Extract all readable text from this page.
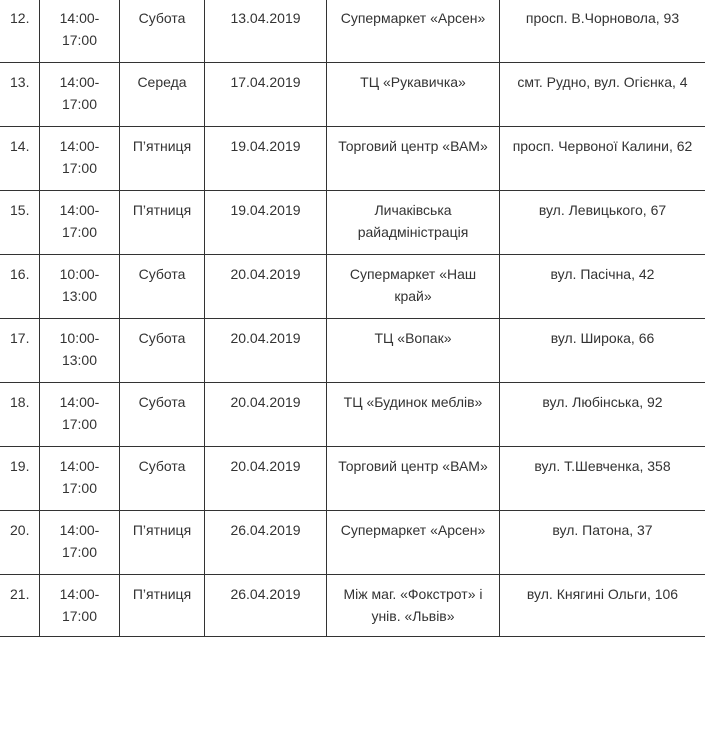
12.	14:00-17:00	Субота	13.04.2019	Супермаркет «Арсен»	просп. В.Чорновола, 93
13.	14:00-17:00	Середа	17.04.2019	ТЦ «Рукавичка»	смт. Рудно, вул. Огієнка, 4
14.	14:00-17:00	П’ятниця	19.04.2019	Торговий центр «ВАМ»	просп. Червоної Калини, 62
15.	14:00-17:00	П’ятниця	19.04.2019	Личаківська райадміністрація	вул. Левицького, 67
16.	10:00-13:00	Субота	20.04.2019	Супермаркет «Наш край»	вул. Пасічна, 42
17.	10:00-13:00	Субота	20.04.2019	ТЦ «Вопак»	вул. Широка, 66
18.	14:00-17:00	Субота	20.04.2019	ТЦ «Будинок меблів»	вул. Любінська, 92
19.	14:00-17:00	Субота	20.04.2019	Торговий центр «ВАМ»	вул. Т.Шевченка, 358
20.	14:00-17:00	П’ятниця	26.04.2019	Супермаркет «Арсен»	вул. Патона, 37
21.	14:00-17:00	П’ятниця	26.04.2019	Між маг. «Фокстрот» і унів. «Львів»	вул. Княгині Ольги, 106
